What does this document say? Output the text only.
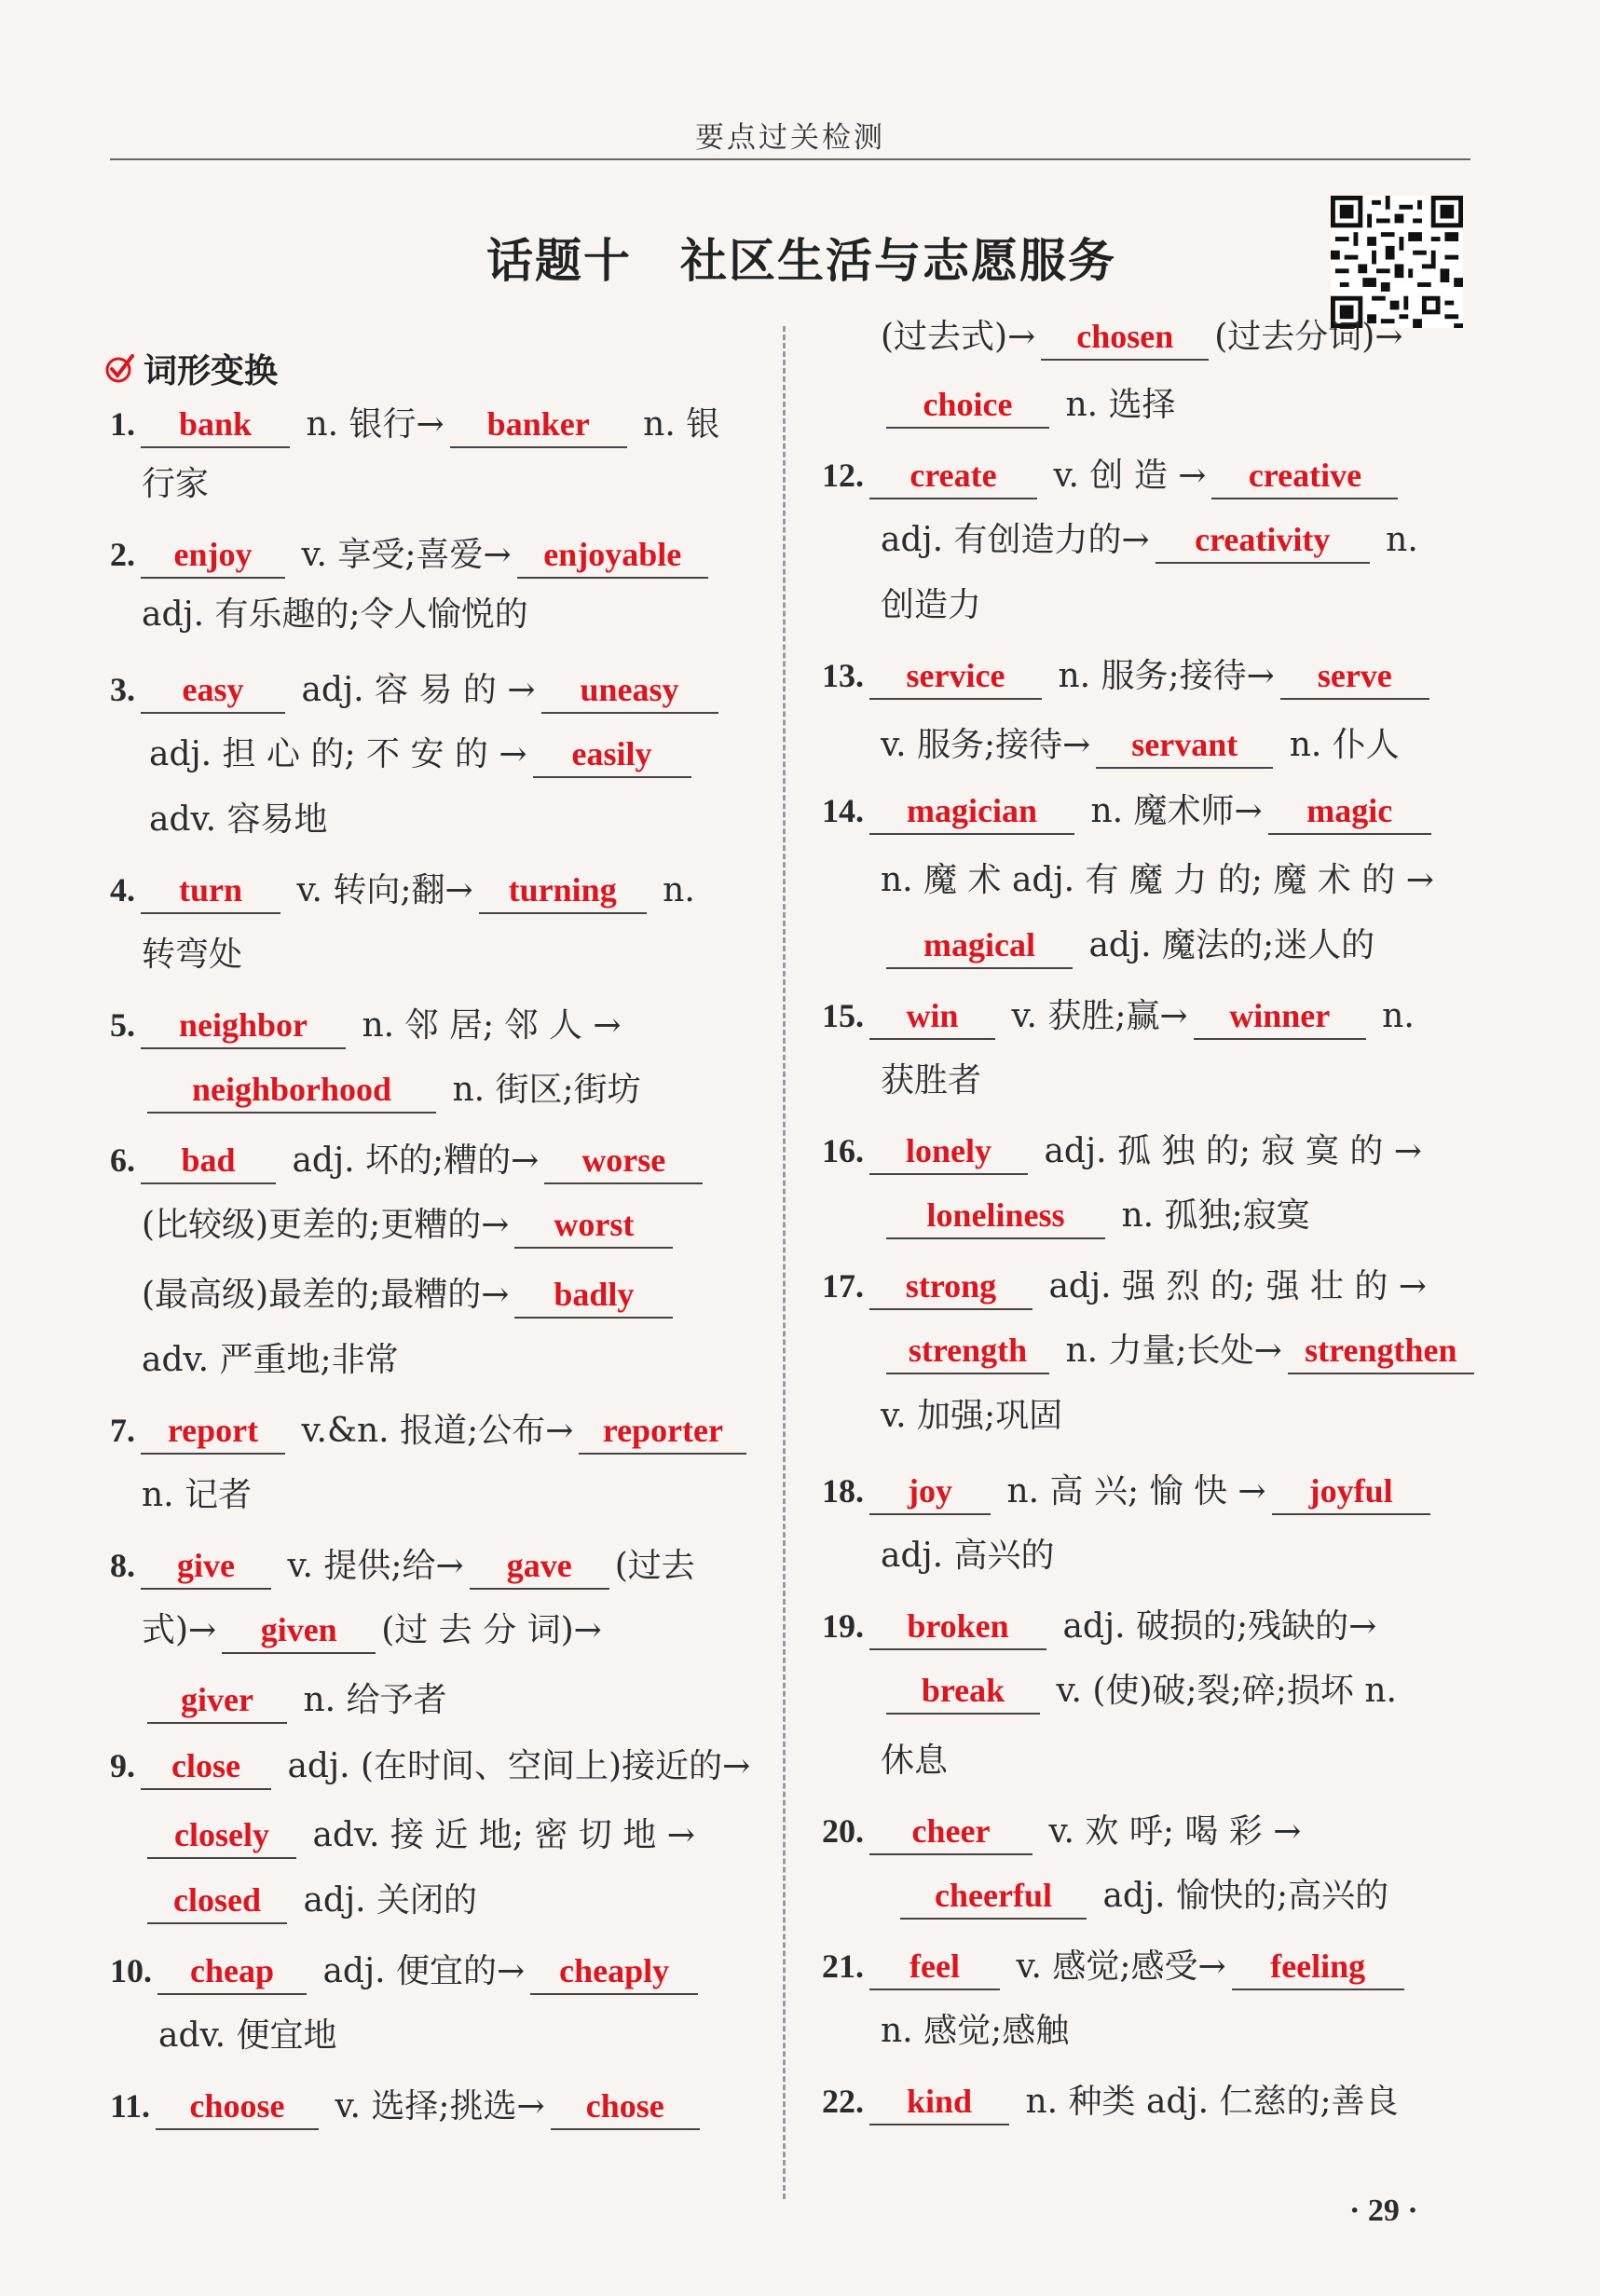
要点过关检测
话题十　社区生活与志愿服务
词形变换
1. bank n. 银行→ banker n. 银
行家
2. enjoy v. 享受;喜爱→ enjoyable
adj. 有乐趣的;令人愉悦的
3. easy adj. 容 易 的 → uneasy
adj. 担 心 的; 不 安 的 → easily
adv. 容易地
4. turn v. 转向;翻→ turning n.
转弯处
5. neighbor n. 邻 居; 邻 人 →
neighborhood n. 街区;街坊
6. bad adj. 坏的;糟的→ worse
(比较级)更差的;更糟的→ worst
(最高级)最差的;最糟的→ badly
adv. 严重地;非常
7. report v.&n. 报道;公布→ reporter
n. 记者
8. give v. 提供;给→ gave (过去
式)→ given (过 去 分 词)→
giver n. 给予者
9. close adj. (在时间、空间上)接近的→
closely adv. 接 近 地; 密 切 地 →
closed adj. 关闭的
10. cheap adj. 便宜的→ cheaply
adv. 便宜地
11. choose v. 选择;挑选→ chose
(过去式)→ chosen (过去分词)→
choice n. 选择
12. create v. 创 造 → creative
adj. 有创造力的→ creativity n.
创造力
13. service n. 服务;接待→ serve
v. 服务;接待→ servant n. 仆人
14. magician n. 魔术师→ magic
n. 魔 术 adj. 有 魔 力 的; 魔 术 的 →
magical adj. 魔法的;迷人的
15. win v. 获胜;赢→ winner n.
获胜者
16. lonely adj. 孤 独 的; 寂 寞 的 →
loneliness n. 孤独;寂寞
17. strong adj. 强 烈 的; 强 壮 的 →
strength n. 力量;长处→ strengthen
v. 加强;巩固
18. joy n. 高 兴; 愉 快 → joyful
adj. 高兴的
19. broken adj. 破损的;残缺的→
break v. (使)破;裂;碎;损坏 n.
休息
20. cheer v. 欢 呼; 喝 彩 →
cheerful adj. 愉快的;高兴的
21. feel v. 感觉;感受→ feeling
n. 感觉;感触
22. kind n. 种类 adj. 仁慈的;善良
· 29 ·
